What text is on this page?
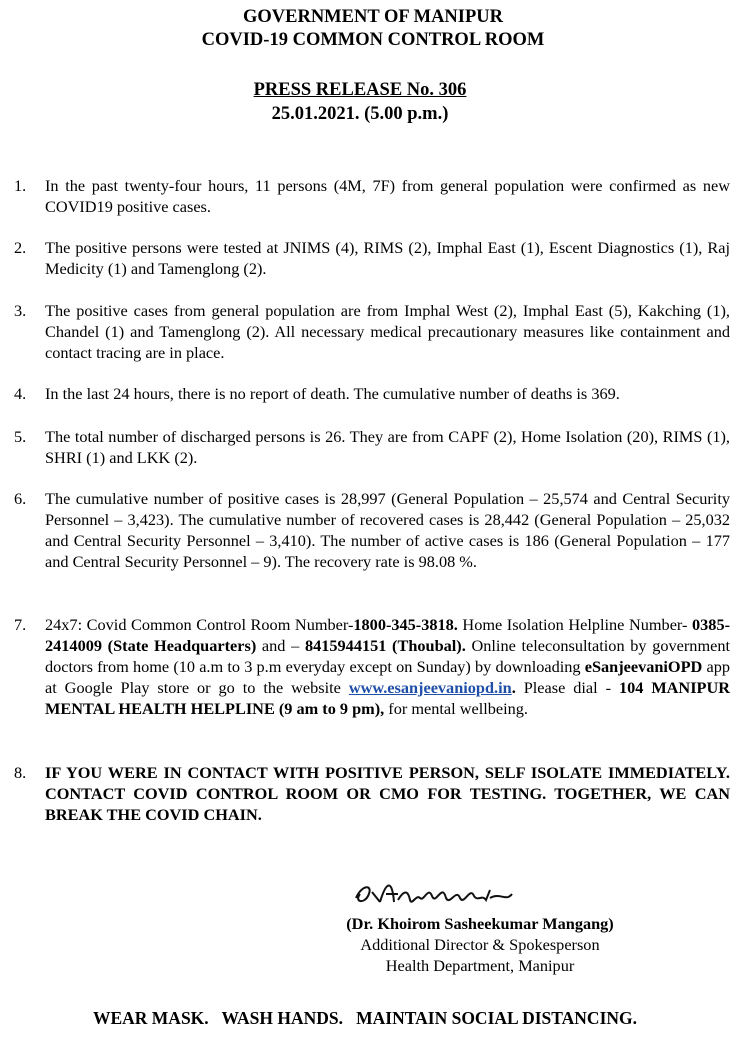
GOVERNMENT OF MANIPUR
COVID-19 COMMON CONTROL ROOM
PRESS RELEASE No. 306
25.01.2021. (5.00 p.m.)
1.	In the past twenty-four hours, 11 persons (4M, 7F) from general population were confirmed as new COVID19 positive cases.
2.	The positive persons were tested at JNIMS (4), RIMS (2), Imphal East (1), Escent Diagnostics (1), Raj Medicity (1) and Tamenglong (2).
3.	The positive cases from general population are from Imphal West (2), Imphal East (5), Kakching (1), Chandel (1) and Tamenglong (2). All necessary medical precautionary measures like containment and contact tracing are in place.
4.	In the last 24 hours, there is no report of death. The cumulative number of deaths is 369.
5.	The total number of discharged persons is 26. They are from CAPF (2), Home Isolation (20), RIMS (1), SHRI (1) and LKK (2).
6.	The cumulative number of positive cases is 28,997 (General Population – 25,574 and Central Security Personnel – 3,423). The cumulative number of recovered cases is 28,442 (General Population – 25,032 and Central Security Personnel – 3,410). The number of active cases is 186 (General Population – 177 and Central Security Personnel – 9). The recovery rate is 98.08 %.
7.	24x7: Covid Common Control Room Number-1800-345-3818. Home Isolation Helpline Number- 0385-2414009 (State Headquarters) and – 8415944151 (Thoubal). Online teleconsultation by government doctors from home (10 a.m to 3 p.m everyday except on Sunday) by downloading eSanjeevaniOPD app at Google Play store or go to the website www.esanjeevaniopd.in. Please dial - 104 MANIPUR MENTAL HEALTH HELPLINE (9 am to 9 pm), for mental wellbeing.
8.	IF YOU WERE IN CONTACT WITH POSITIVE PERSON, SELF ISOLATE IMMEDIATELY. CONTACT COVID CONTROL ROOM OR CMO FOR TESTING. TOGETHER, WE CAN BREAK THE COVID CHAIN.
(Dr. Khoirom Sasheekumar Mangang)
Additional Director & Spokesperson
Health Department, Manipur
WEAR MASK.   WASH HANDS.   MAINTAIN SOCIAL DISTANCING.
